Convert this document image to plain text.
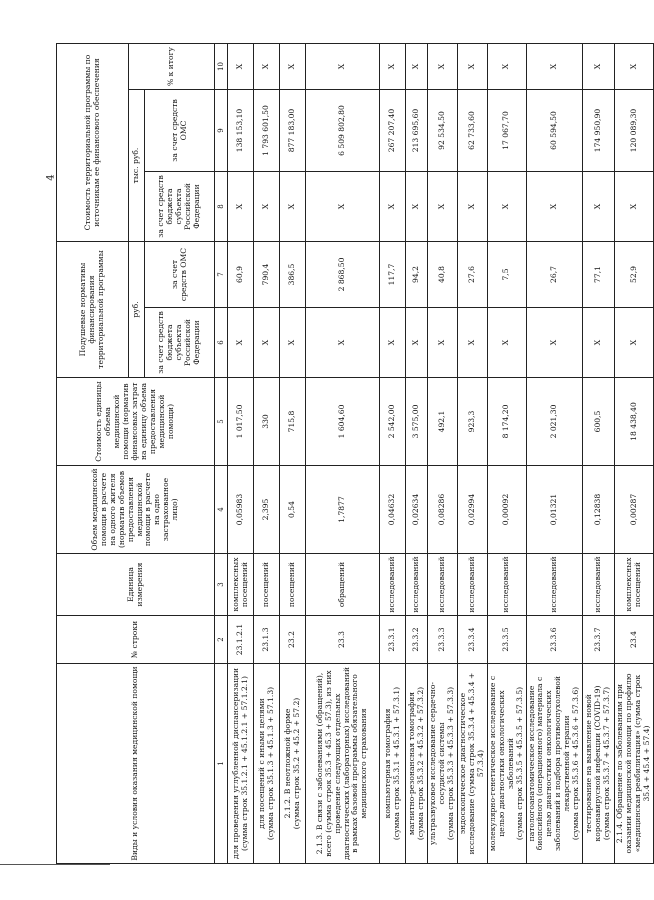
4
Виды и условия оказания медицинской помощи	№ строки	Единица измерения	Объем медицинской помощи в расчете на одного жителя (норматив объемов предоставления медицинской помощи в расчете на одно застрахованное лицо)	Стоимость единицы объема медицинской помощи (норматив финансовых затрат на единицу объема предоставления медицинской помощи)	Подушевые нормативы финансирования территориальной программы		Стоимость территориальной программы по источникам ее финансового обеспечения		
					руб.		тыс. руб.		% к итогу
					за счет средств бюджета субъекта Российской Федерации	за счет средств ОМС	за счет средств бюджета субъекта Российской Федерации	за счет средств ОМС	
1	2	3	4	5	6	7	8	9	10

для проведения углубленной диспансеризации (сумма строк 35.1.2.1 + 45.1.2.1 + 57.1.2.1)	23.1.2.1	комплексных посещений	0,05983	1 017,50	X	60,9	X	138 153,10	X

для посещений с иными целями (сумма строк 35.1.3 + 45.1.3 + 57.1.3)	23.1.3	посещений	2,395	330	X	790,4	X	1 793 601,50	X

2.1.2. В неотложной форме (сумма строк 35.2 + 45.2 + 57.2)	23.2	посещений	0,54	715,8	X	386,5	X	877 183,00	X

2.1.3. В связи с заболеваниями (обращений), всего (сумма строк 35.3 + 45.3 + 57.3), из них проведение следующих отдельных диагностических (лабораторных) исследований в рамках базовой программы обязательного медицинского страхования	23.3	обращений	1,7877	1 604,60	X	2 868,50	X	6 509 802,80	X

компьютерная томография (сумма строк 35.3.1 + 45.3.1 + 57.3.1)	23.3.1	исследований	0,04632	2 542,00	X	117,7	X	267 207,40	X

магнитно-резонансная томография (сумма строк 35.3.2 + 45.3.2 + 57.3.2)	23.3.2	исследований	0,02634	3 575,00	X	94,2	X	213 695,60	X

ультразвуковое исследование сердечно-сосудистой системы (сумма строк 35.3.3 + 45.3.3 + 57.3.3)	23.3.3	исследований	0,08286	492,1	X	40,8	X	92 534,50	X

эндоскопическое диагностическое исследование (сумма строк 35.3.4 + 45.3.4 + 57.3.4)	23.3.4	исследований	0,02994	923,3	X	27,6	X	62 733,60	X

молекулярно-генетическое исследование с целью диагностики онкологических заболеваний (сумма строк 35.3.5 + 45.3.5 + 57.3.5)	23.3.5	исследований	0,00092	8 174,20	X	7,5	X	17 067,70	X

патологоанатомическое исследование биопсийного (операционного) материала с целью диагностики онкологических заболеваний и подбора противоопухолевой лекарственной терапии (сумма строк 35.3.6 + 45.3.6 + 57.3.6)	23.3.6	исследований	0,01321	2 021,30	X	26,7	X	60 594,50	X

тестирование на выявление новой коронавирусной инфекции (COVID-19) (сумма строк 35.3.7 + 45.3.7 + 57.3.7)	23.3.7	исследований	0,12838	600,5	X	77,1	X	174 950,90	X

2.1.4. Обращение по заболеваниям при оказании медицинской помощи по профилю «медицинская реабилитация» (сумма строк 35.4 + 45.4 + 57.4)	23.4	комплексных посещений	0,00287	18 438,40	X	52,9	X	120 089,30	X
